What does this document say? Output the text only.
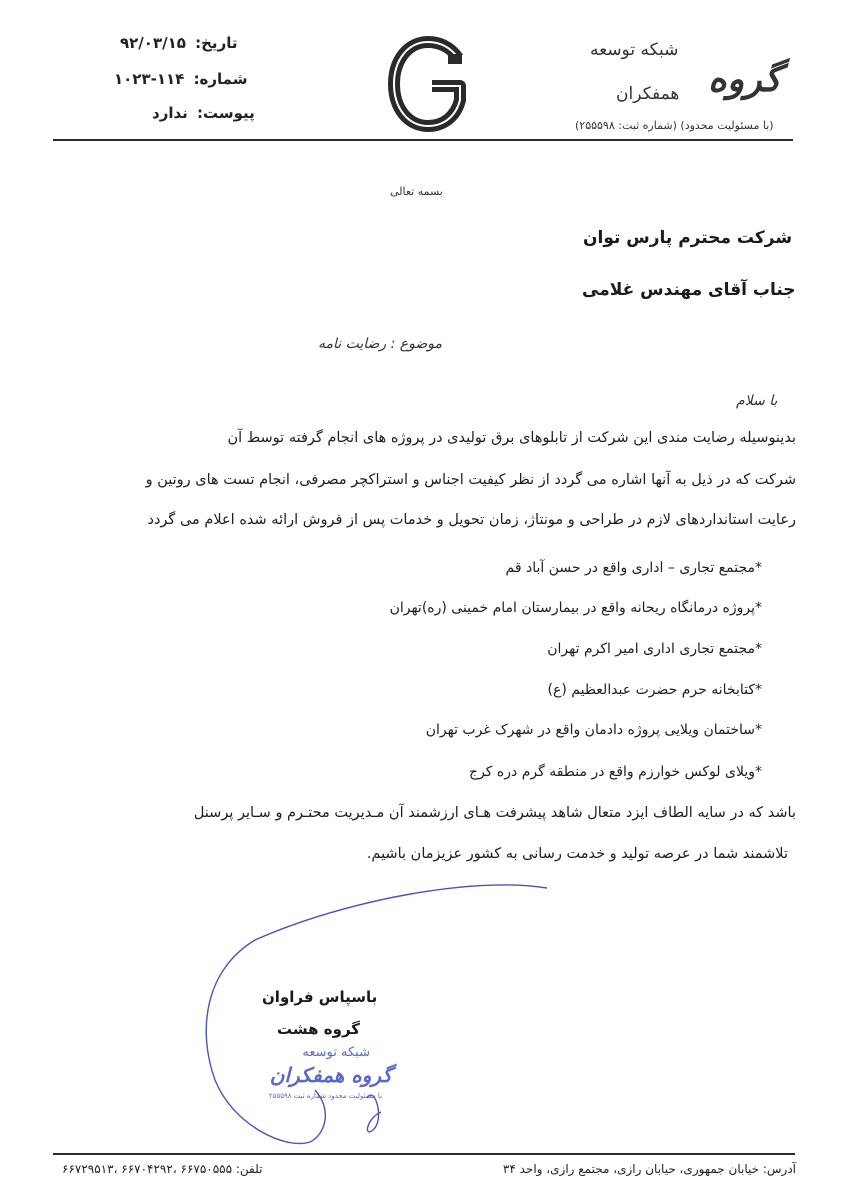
تاریخ: ۹۲/۰۳/۱۵
شماره: ۱۱۴-۱۰۲۳
پیوست: ندارد
گروه
شبکه توسعه
همفکران
(با مسئولیت محدود) (شماره ثبت: ۲۵۵۵۹۸)
بسمه تعالی
شرکت محترم پارس توان
جناب آقای مهندس غلامی
موضوع : رضایت نامه
با سلام
بدینوسیله رضایت مندی این شرکت از تابلوهای برق تولیدی در پروژه های انجام گرفته توسط آن
شرکت که در ذیل به آنها اشاره می گردد از نظر کیفیت اجناس و استراکچر مصرفی، انجام تست های روتین و
رعایت استانداردهای لازم در طراحی و مونتاژ، زمان تحویل و خدمات پس از فروش ارائه شده اعلام می گردد
*مجتمع تجاری – اداری واقع در حسن آباد قم
*پروژه درمانگاه ریحانه واقع در بیمارستان امام خمینی (ره)تهران
*مجتمع تجاری اداری امیر اکرم تهران
*کتابخانه حرم حضرت عبدالعظیم (ع)
*ساختمان ویلایی پروژه دادمان واقع در شهرک غرب تهران
*ویلای لوکس خوارزم واقع در منطقه گرم دره کرج
باشد که در سایه الطاف ایزد متعال شاهد پیشرفت هـای ارزشمند آن مـدیریت محتـرم و سـایر پرسنل
تلاشمند شما در عرصه تولید و خدمت رسانی به کشور عزیزمان باشیم.
باسپاس فراوان
گروه هشت
شبکه توسعه
گروه همفکران
با مسئولیت محدود شماره ثبت ۲۵۵۵۹۸
آدرس: خیابان جمهوری، حیابان رازی، مجتمع رازی، واحد ۳۴
تلفن: ۶۶۷۵۰۵۵۵ ،۶۶۷۰۴۲۹۲ ،۶۶۷۲۹۵۱۳
